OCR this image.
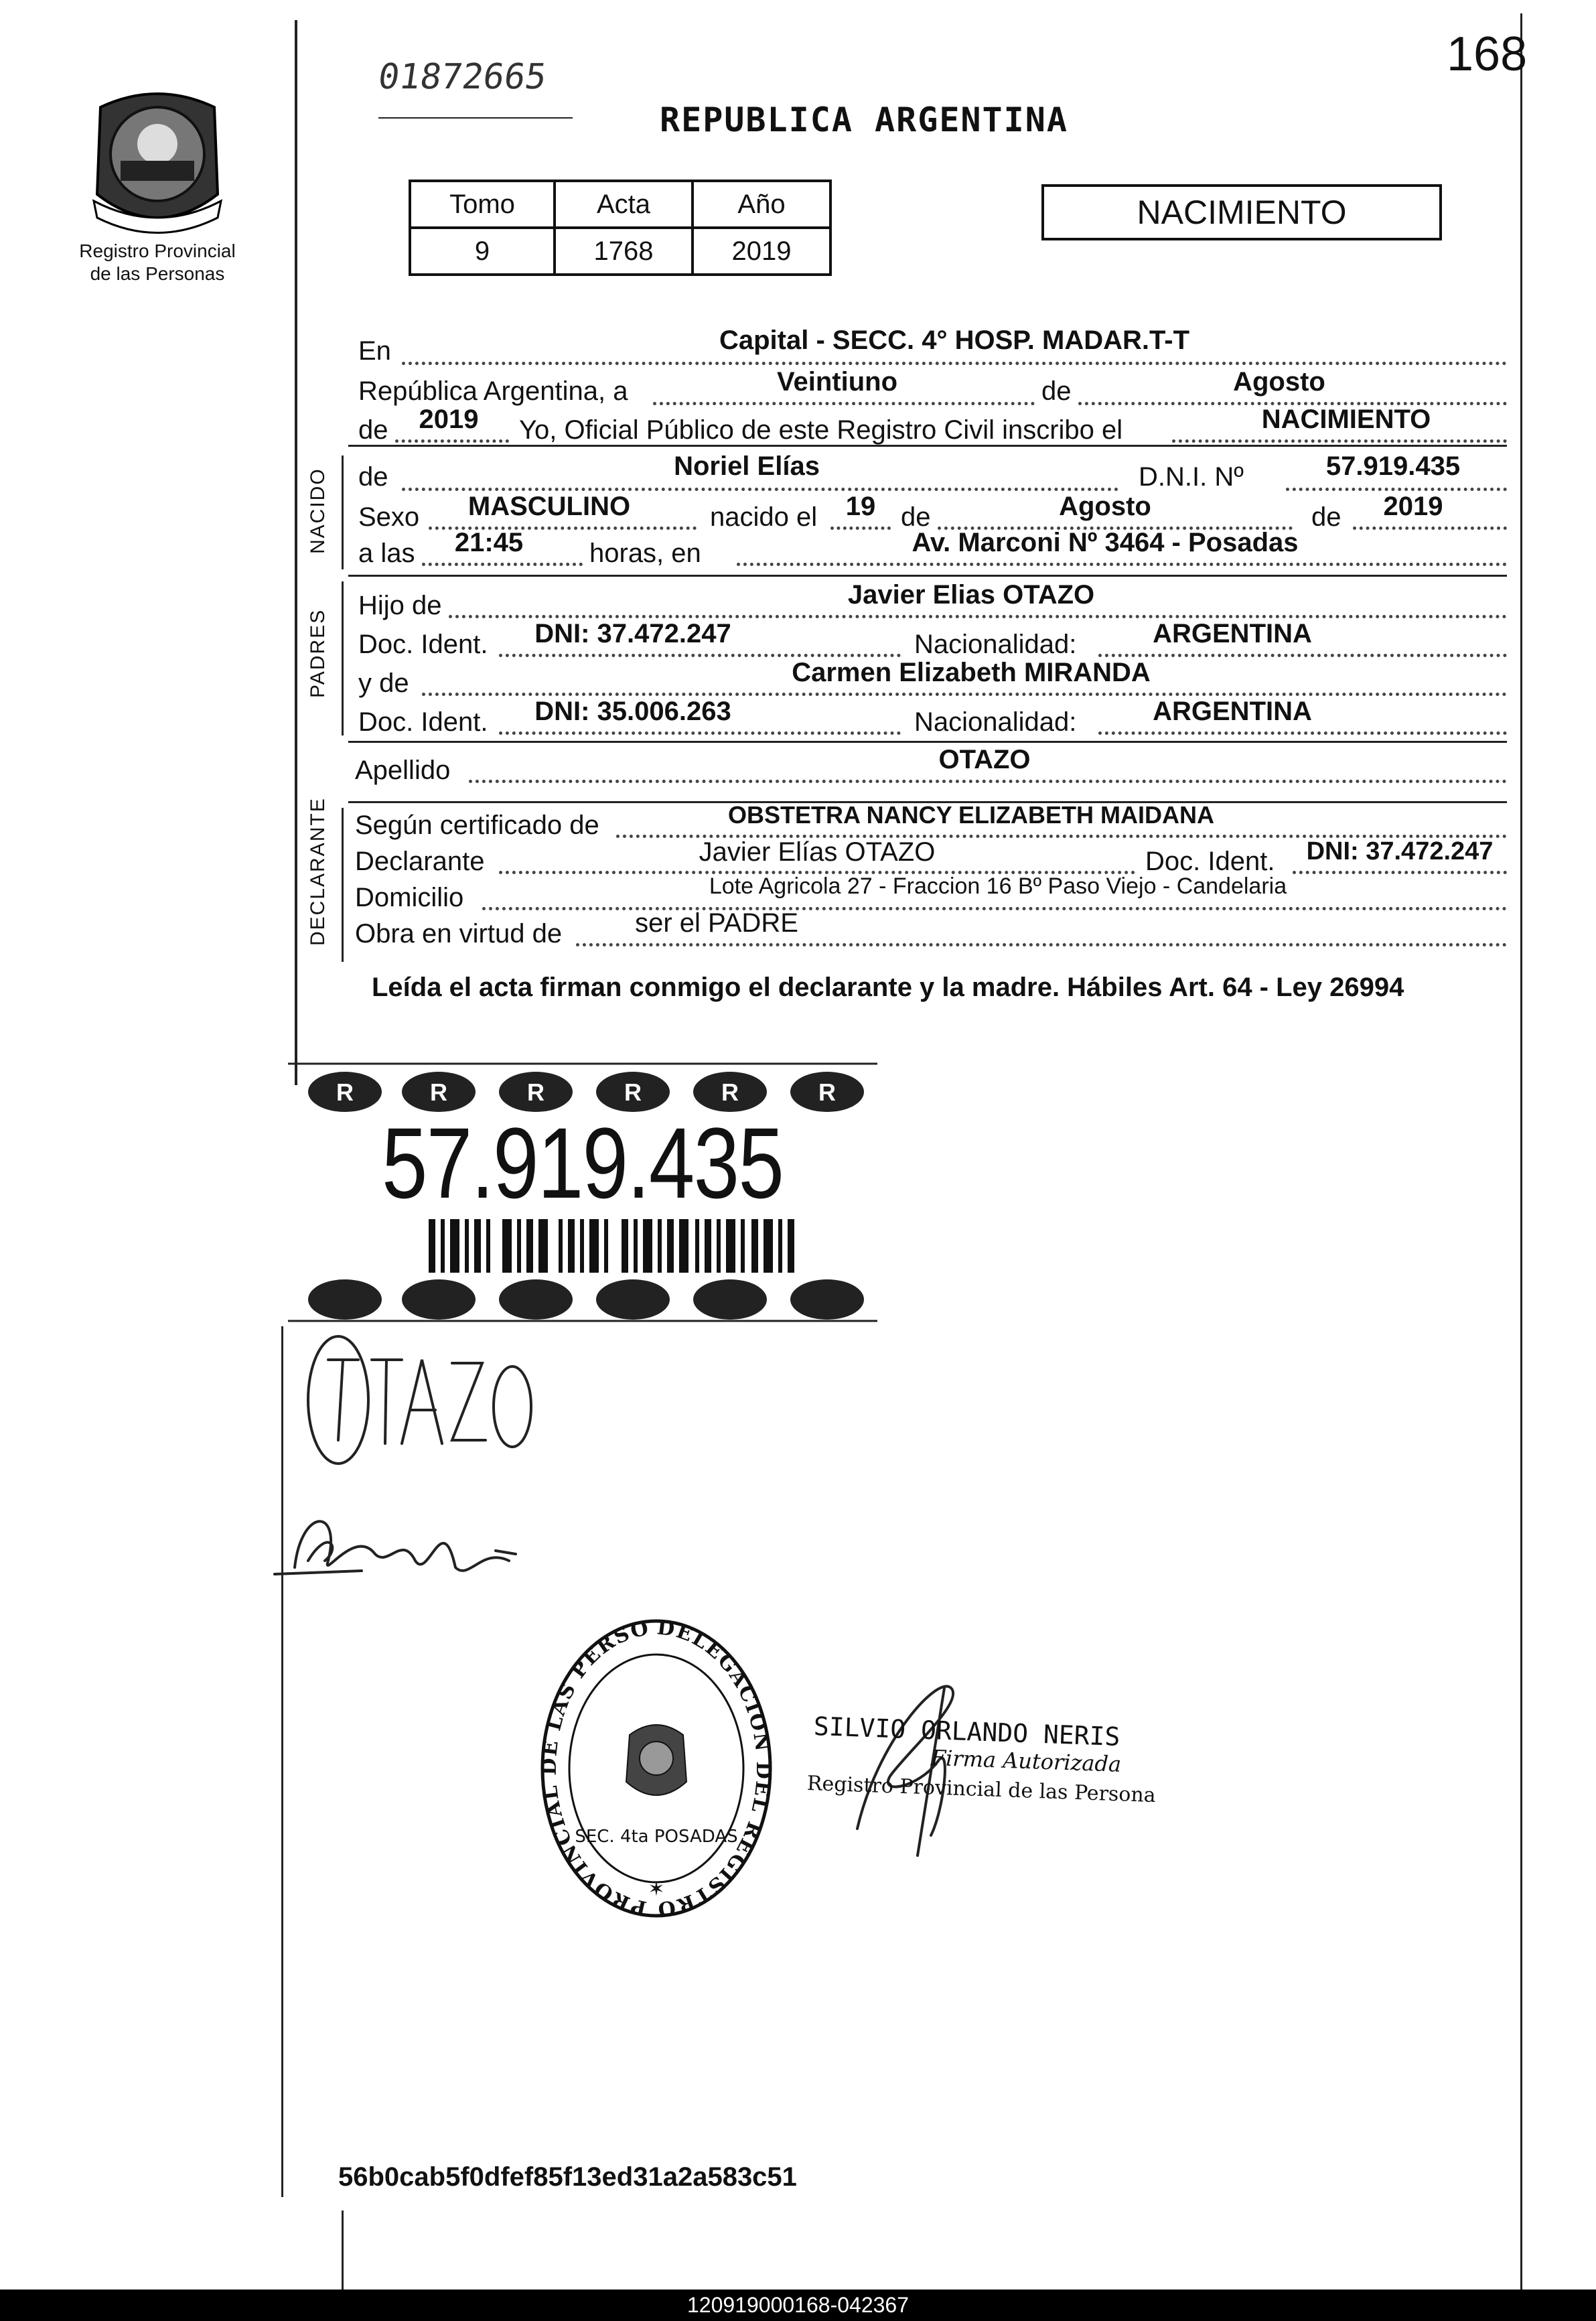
Registro Provincial
de las Personas
01872665	168
REPUBLICA ARGENTINA
Tomo	Acta	Año
9	1768	2019
NACIMIENTO
En	Capital - SECC. 4° HOSP. MADAR.T-T
República Argentina, a	Veintiuno	de	Agosto
de	2019	Yo, Oficial Público de este Registro Civil inscribo el	NACIMIENTO
NACIDO de	Noriel Elías	D.N.I. Nº	57.919.435
Sexo	MASCULINO	nacido el	19 de	Agosto	de	2019
a las	21:45	horas, en	Av. Marconi Nº 3464 - Posadas
PADRES
Hijo de	Javier Elias OTAZO
Doc. Ident.	DNI: 37.472.247	Nacionalidad:	ARGENTINA
y de	Carmen Elizabeth MIRANDA
Doc. Ident.	DNI: 35.006.263	Nacionalidad:	ARGENTINA
Apellido	OTAZO
DECLARANTE Según certificado de	OBSTETRA NANCY ELIZABETH MAIDANA
Declarante	Javier Elías OTAZO	Doc. Ident.	DNI: 37.472.247
Domicilio	Lote Agricola 27 - Fraccion 16 Bº Paso Viejo - Candelaria
Obra en virtud de	ser el PADRE
Leída el acta firman conmigo el declarante y la madre. Hábiles Art. 64 - Ley 26994
R	R	R	R	R	R
57.919.435
DELEGACION DEL REGISTRO PROVINCIAL DE LAS PERSO
SEC. 4ta POSADAS
✶
SILVIO ORLANDO NERIS
Firma Autorizada
Registro Provincial de las Persona
56b0cab5f0dfef85f13ed31a2a583c51
120919000168-042367
